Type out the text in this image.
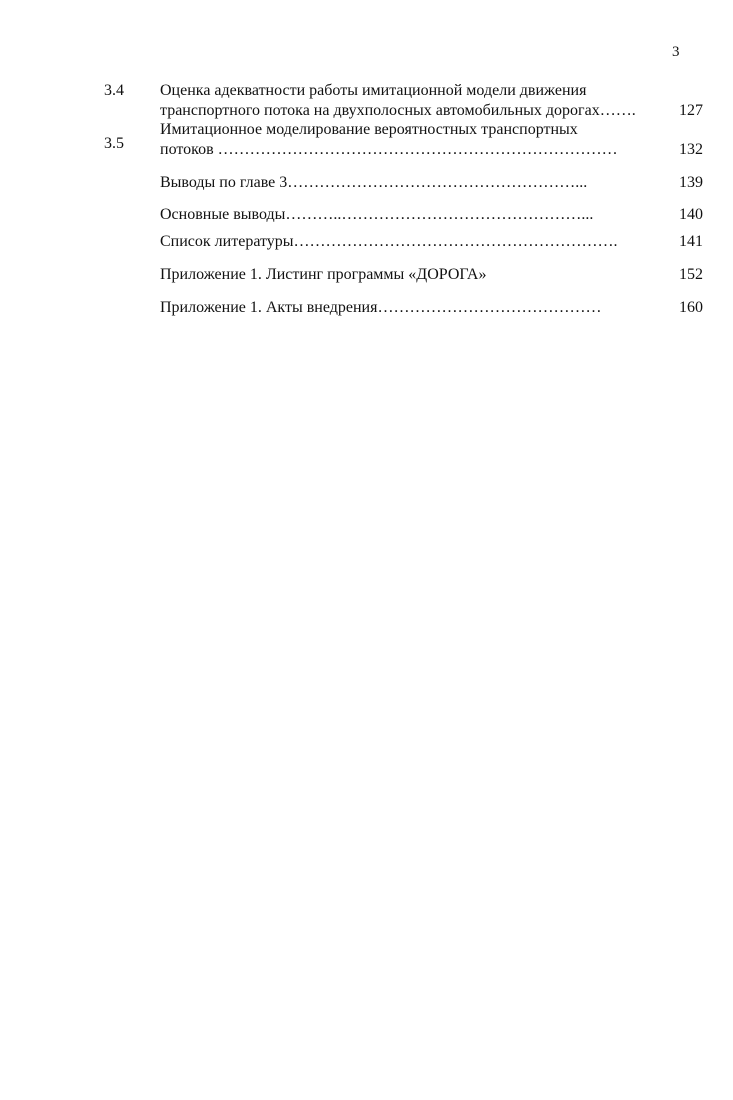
3
3.4 Оценка адекватности работы имитационной модели движения
транспортного потока на двухполосных автомобильных дорогах…….	127
3.5
Имитационное моделирование вероятностных транспортных
потоков …………………………………………………………………	132
Выводы по главе 3………………………………………………...	139
Основные выводы………..………………………………………...	140
Список литературы…………………………………………………….	141
Приложение 1. Листинг программы «ДОРОГА»	152
Приложение 1. Акты внедрения……………………………………	160
